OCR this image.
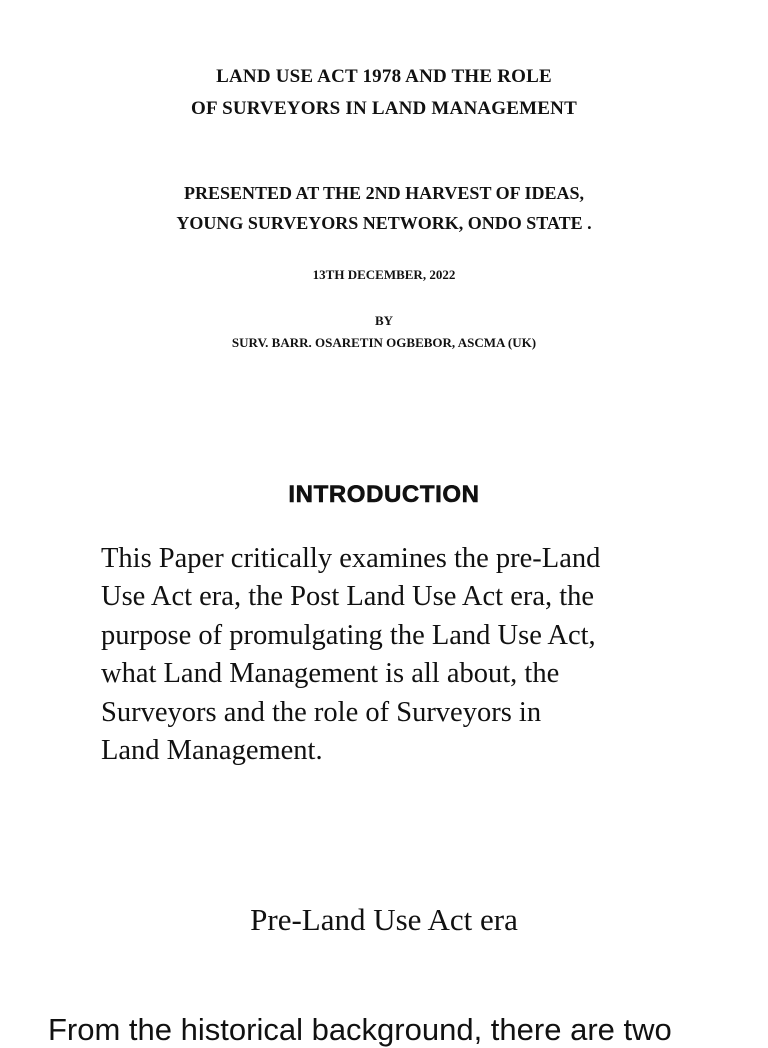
LAND USE ACT 1978 AND THE ROLE
OF SURVEYORS IN LAND MANAGEMENT
PRESENTED AT THE 2ND HARVEST OF IDEAS,
YOUNG SURVEYORS NETWORK, ONDO STATE .
13TH DECEMBER, 2022
BY
SURV. BARR. OSARETIN OGBEBOR, ASCMA (UK)
INTRODUCTION
This Paper critically examines the pre-Land
Use Act era, the Post Land Use Act era, the
purpose of promulgating the Land Use Act,
what Land Management is all about, the
Surveyors and the role of Surveyors in
Land Management.
Pre-Land Use Act era
From the historical background, there are two
